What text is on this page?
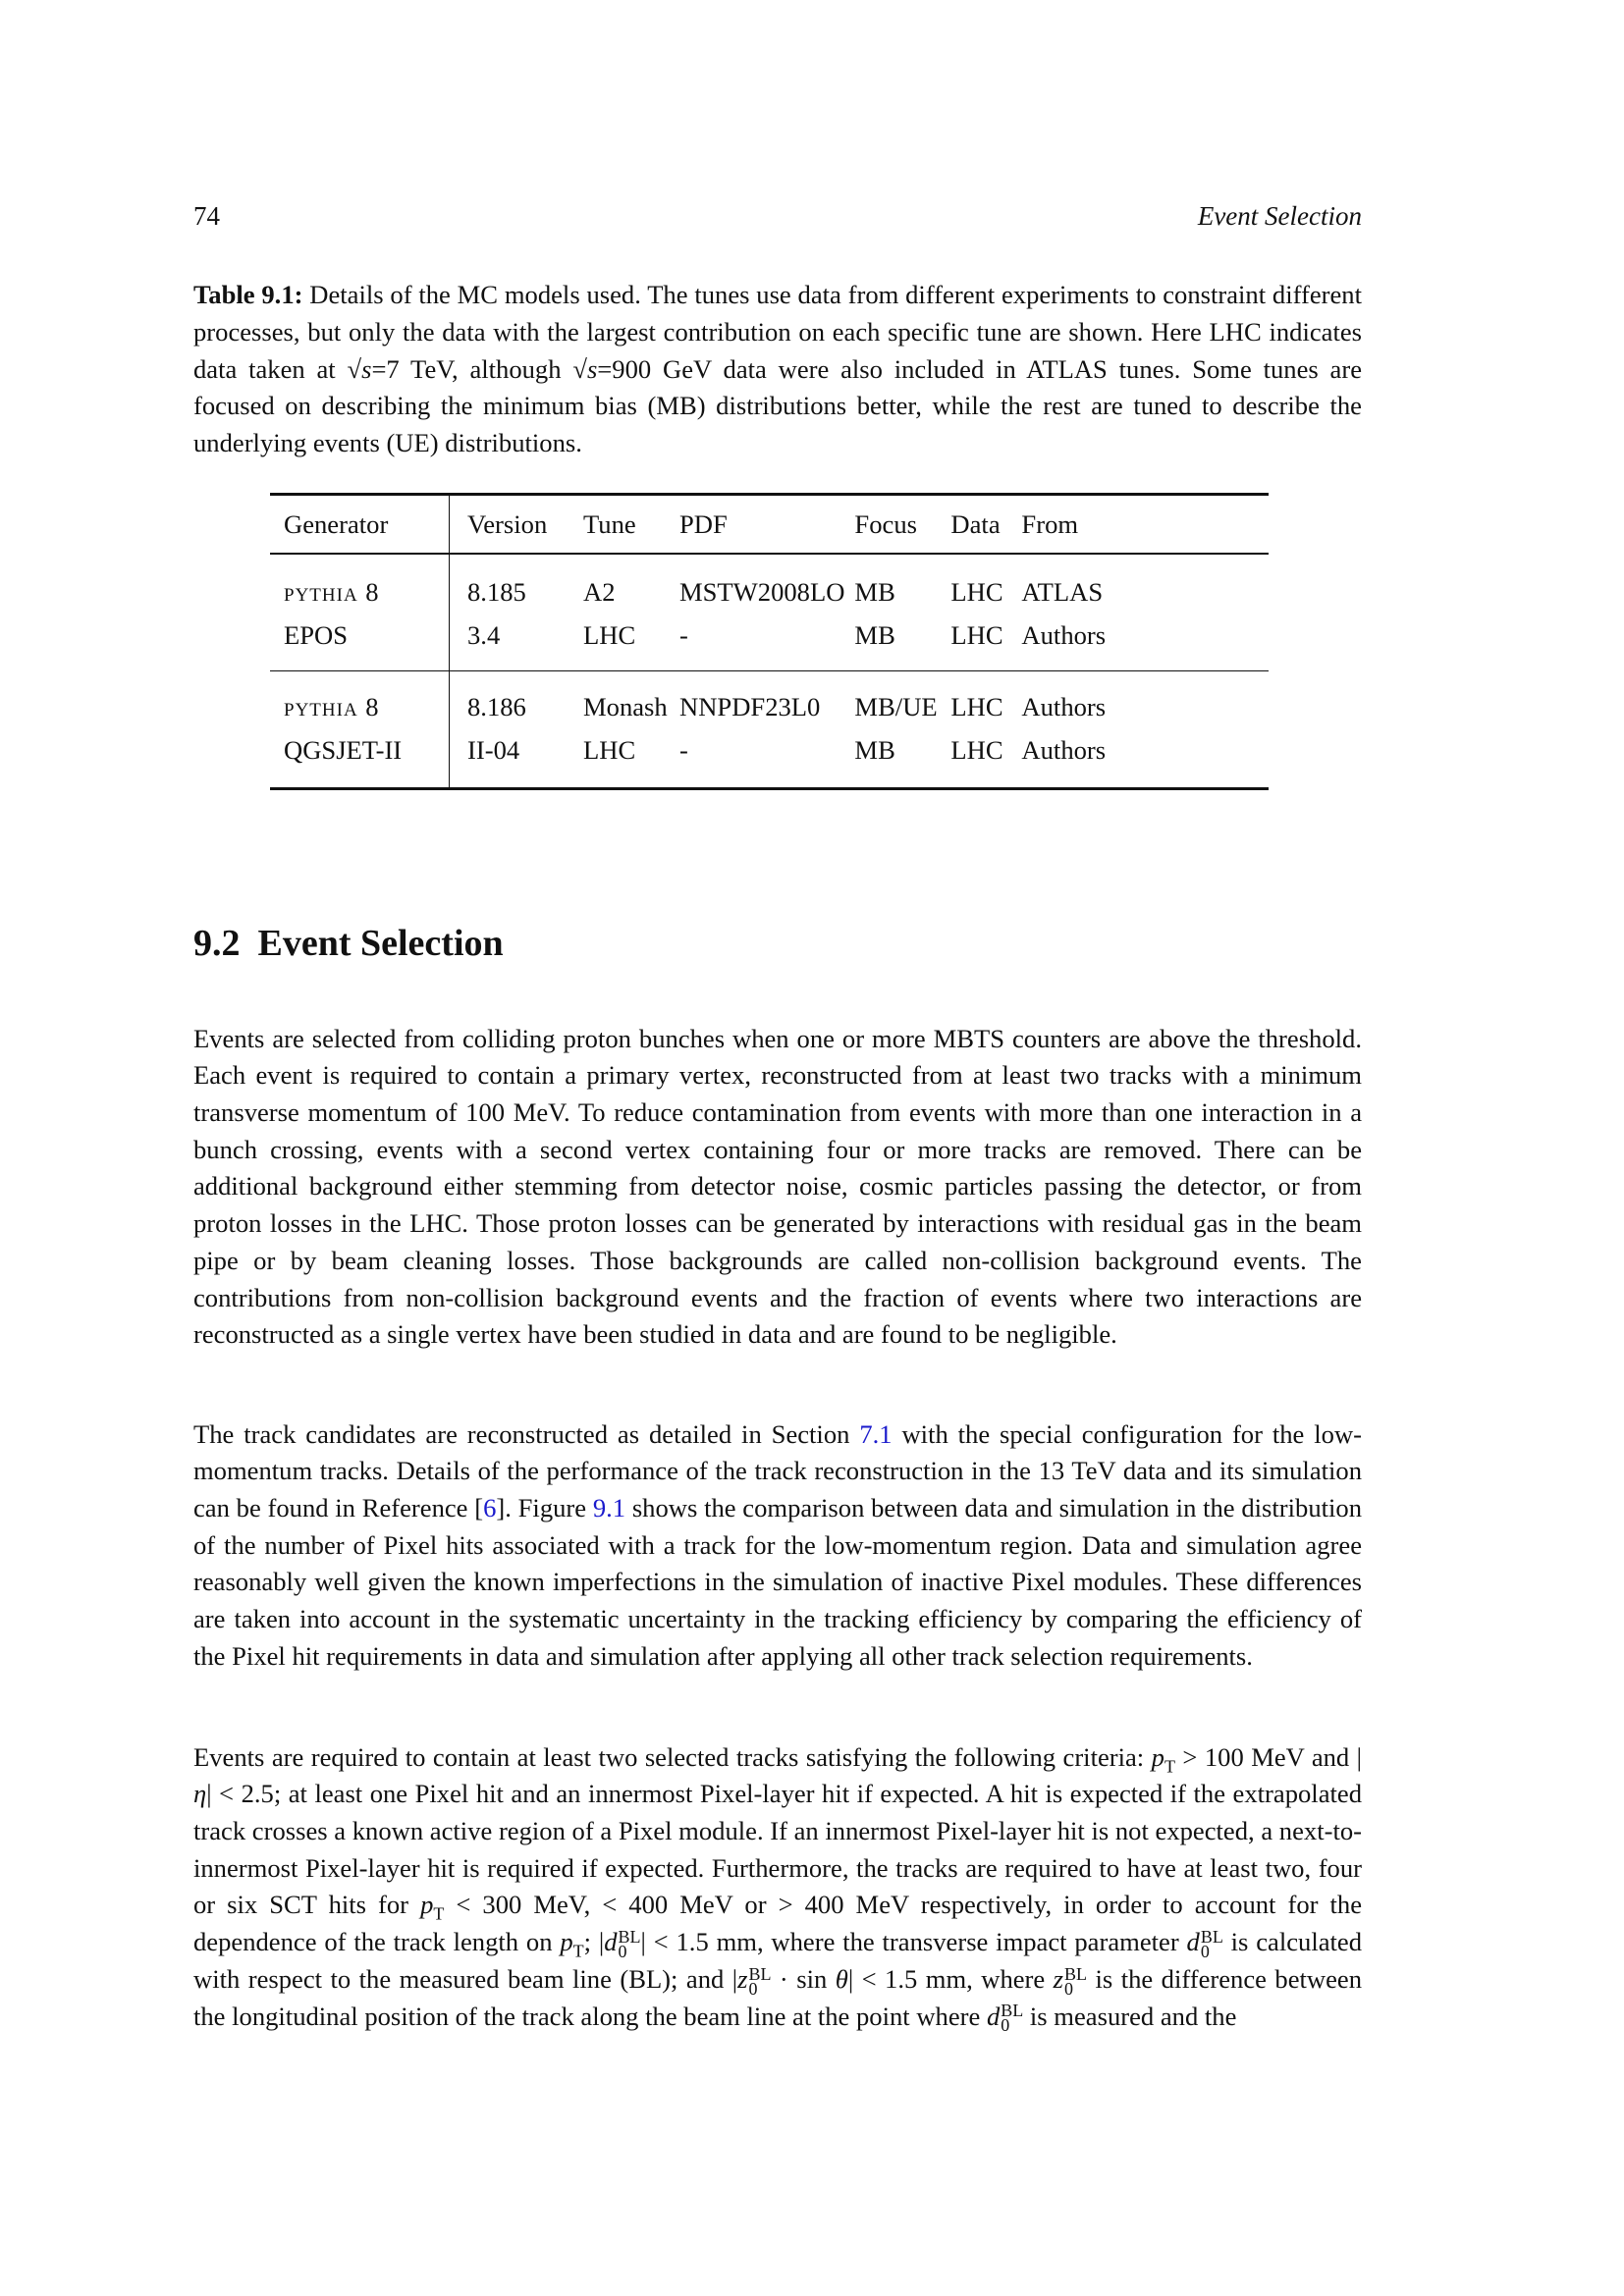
74	Event Selection
Table 9.1: Details of the MC models used. The tunes use data from different experiments to constraint different processes, but only the data with the largest contribution on each specific tune are shown. Here LHC indicates data taken at √s=7 TeV, although √s=900 GeV data were also included in ATLAS tunes. Some tunes are focused on describing the minimum bias (MB) distributions better, while the rest are tuned to describe the underlying events (UE) distributions.
Generator	Version	Tune	PDF	Focus	Data	From
pythia 8	8.185	A2	MSTW2008LO	MB	LHC	ATLAS
EPOS	3.4	LHC	-	MB	LHC	Authors
pythia 8	8.186	Monash	NNPDF23L0	MB/UE	LHC	Authors
QGSJET-II	II-04	LHC	-	MB	LHC	Authors
9.2 Event Selection

Events are selected from colliding proton bunches when one or more MBTS counters are above the threshold. Each event is required to contain a primary vertex, reconstructed from at least two tracks with a minimum transverse momentum of 100 MeV. To reduce contamination from events with more than one interaction in a bunch crossing, events with a second vertex containing four or more tracks are removed. There can be additional background either stemming from detector noise, cosmic particles passing the detector, or from proton losses in the LHC. Those proton losses can be generated by interactions with residual gas in the beam pipe or by beam cleaning losses. Those backgrounds are called non-collision background events. The contributions from non-collision background events and the fraction of events where two interactions are reconstructed as a single vertex have been studied in data and are found to be negligible.

The track candidates are reconstructed as detailed in Section 7.1 with the special configuration for the low-momentum tracks. Details of the performance of the track reconstruction in the 13 TeV data and its simulation can be found in Reference [6]. Figure 9.1 shows the comparison between data and simulation in the distribution of the number of Pixel hits associated with a track for the low-momentum region. Data and simulation agree reasonably well given the known imperfections in the simulation of inactive Pixel modules. These differences are taken into account in the systematic uncertainty in the tracking efficiency by comparing the efficiency of the Pixel hit requirements in data and simulation after applying all other track selection requirements.

Events are required to contain at least two selected tracks satisfying the following criteria: $p_T > 100$ MeV and |η| < 2.5; at least one Pixel hit and an innermost Pixel-layer hit if expected. A hit is expected if the extrapolated track crosses a known active region of a Pixel module. If an innermost Pixel-layer hit is not expected, a next-to-innermost Pixel-layer hit is required if expected. Furthermore, the tracks are required to have at least two, four or six SCT hits for $p_T < 300$ MeV, < 400 MeV or > 400 MeV respectively, in order to account for the dependence of the track length on $p_T$; |d BL
0 | < 1.5 mm, where the transverse impact parameter d BL
0 is calculated with respect to the measured beam line (BL); and |z BL
0 · sin θ| < 1.5 mm, where z BL
0 is the difference between the longitudinal position of the track along the beam line at the point where d BL
0 is measured and the
